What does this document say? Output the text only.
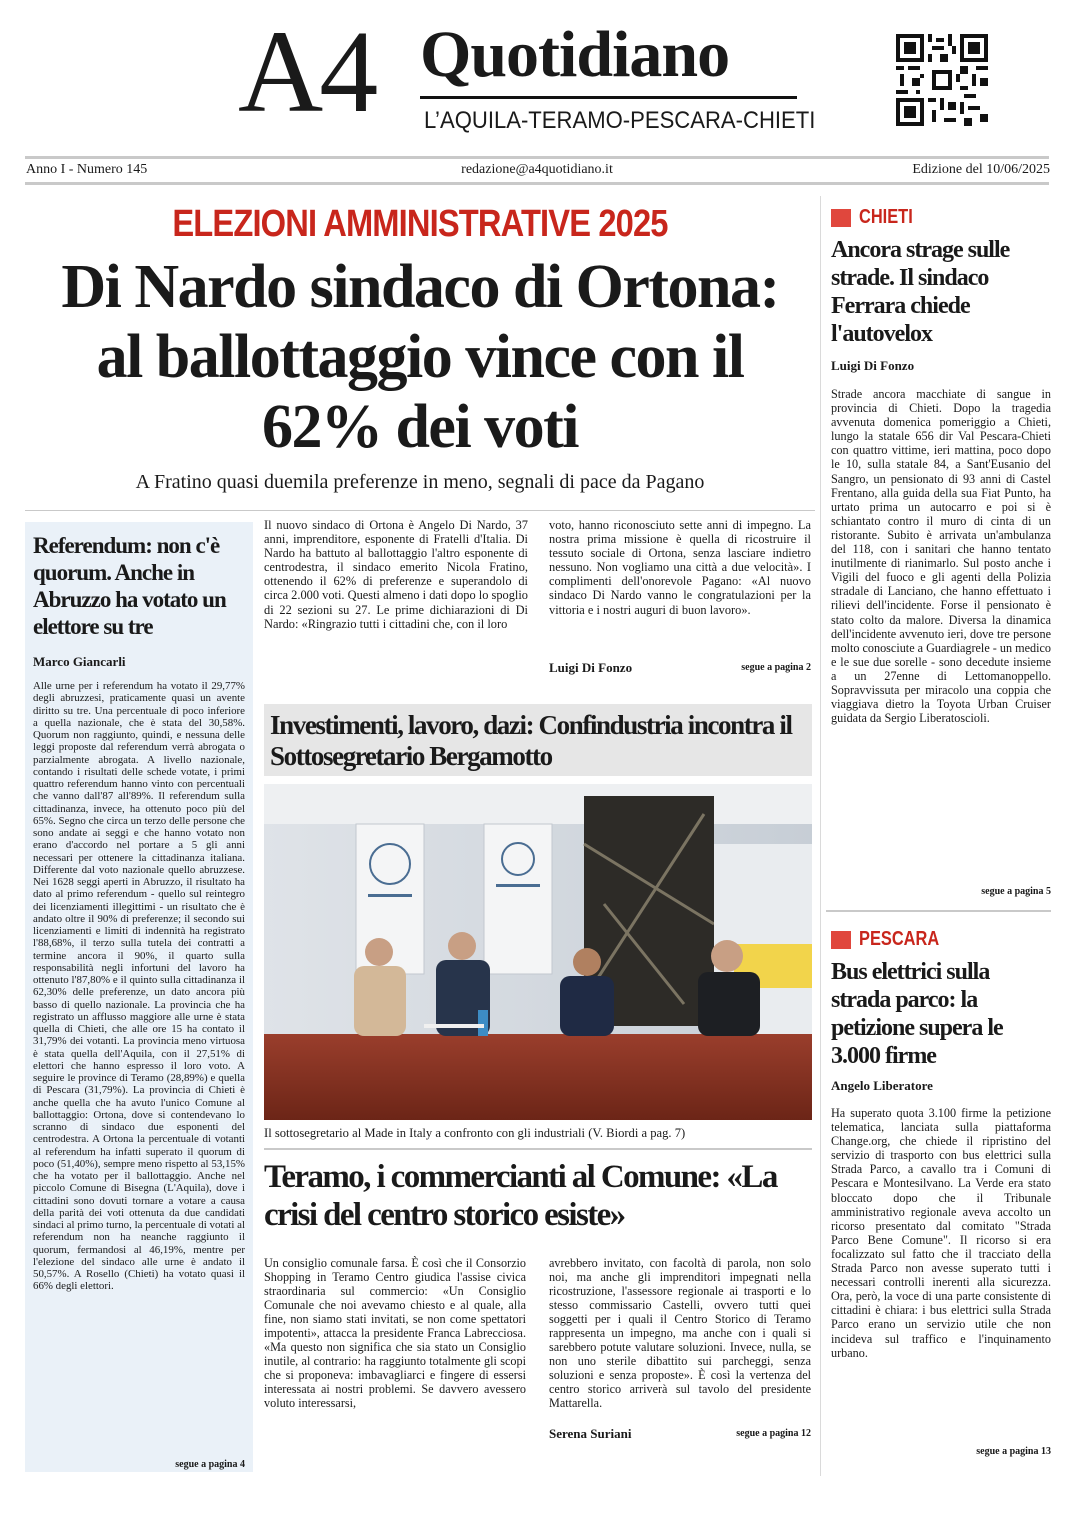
A4 Quotidiano
L’AQUILA-TERAMO-PESCARA-CHIETI
Anno I - Numero 145	redazione@a4quotidiano.it	Edizione del 10/06/2025
ELEZIONI AMMINISTRATIVE 2025
Di Nardo sindaco di Ortona: al ballottaggio vince con il 62% dei voti
A Fratino quasi duemila preferenze in meno, segnali di pace da Pagano
Il nuovo sindaco di Ortona è Angelo Di Nardo, 37 anni, imprenditore, esponente di Fratelli d'Italia. Di Nardo ha battuto al ballottaggio l'altro esponente di centrodestra, il sindaco emerito Nicola Fratino, ottenendo il 62% di preferenze e superandolo di circa 2.000 voti. Questi almeno i dati dopo lo spoglio di 22 sezioni su 27. Le prime dichiarazioni di Di Nardo: «Ringrazio tutti i cittadini che, con il loro
voto, hanno riconosciuto sette anni di impegno. La nostra prima missione è quella di ricostruire il tessuto sociale di Ortona, senza lasciare indietro nessuno. Non vogliamo una città a due velocità». I complimenti dell'onorevole Pagano: «Al nuovo sindaco Di Nardo vanno le congratulazioni per la vittoria e i nostri auguri di buon lavoro».
Luigi Di Fonzo	segue a pagina 2
Referendum: non c'è quorum. Anche in Abruzzo ha votato un elettore su tre
Marco Giancarli
Alle urne per i referendum ha votato il 29,77% degli abruzzesi, praticamente quasi un avente diritto su tre. Una percentuale di poco inferiore a quella nazionale, che è stata del 30,58%. Quorum non raggiunto, quindi, e nessuna delle leggi proposte dal referendum verrà abrogata o parzialmente abrogata. A livello nazionale, contando i risultati delle schede votate, i primi quattro referendum hanno vinto con percentuali che vanno dall'87 all'89%. Il referendum sulla cittadinanza, invece, ha ottenuto poco più del 65%. Segno che circa un terzo delle persone che sono andate ai seggi e che hanno votato non erano d'accordo nel portare a 5 gli anni necessari per ottenere la cittadinanza italiana. Differente dal voto nazionale quello abruzzese. Nei 1628 seggi aperti in Abruzzo, il risultato ha dato al primo referendum - quello sul reintegro dei licenziamenti illegittimi - un risultato che è andato oltre il 90% di preferenze; il secondo sui licenziamenti e limiti di indennità ha registrato l'88,68%, il terzo sulla tutela dei contratti a termine ancora il 90%, il quarto sulla responsabilità negli infortuni del lavoro ha ottenuto l'87,80% e il quinto sulla cittadinanza il 62,30% delle preferenze, un dato ancora più basso di quello nazionale. La provincia che ha registrato un afflusso maggiore alle urne è stata quella di Chieti, che alle ore 15 ha contato il 31,79% dei votanti. La provincia meno virtuosa è stata quella dell'Aquila, con il 27,51% di elettori che hanno espresso il loro voto. A seguire le province di Teramo (28,89%) e quella di Pescara (31,79%). La provincia di Chieti è anche quella che ha avuto l'unico Comune al ballottaggio: Ortona, dove si contendevano lo scranno di sindaco due esponenti del centrodestra. A Ortona la percentuale di votanti al referendum ha infatti superato il quorum di poco (51,40%), sempre meno rispetto al 53,15% che ha votato per il ballottaggio. Anche nel piccolo Comune di Bisegna (L'Aquila), dove i cittadini sono dovuti tornare a votare a causa della parità dei voti ottenuta da due candidati sindaci al primo turno, la percentuale di votati al referendum non ha neanche raggiunto il quorum, fermandosi al 46,19%, mentre per l'elezione del sindaco alle urne è andato il 50,57%. A Rosello (Chieti) ha votato quasi il 66% degli elettori.
segue a pagina 4
Investimenti, lavoro, dazi: Confindustria incontra il Sottosegretario Bergamotto
Il sottosegretario al Made in Italy a confronto con gli industriali (V. Biordi a pag. 7)
Teramo, i commercianti al Comune: «La crisi del centro storico esiste»
Un consiglio comunale farsa. È così che il Consorzio Shopping in Teramo Centro giudica l'assise civica straordinaria sul commercio: «Un Consiglio Comunale che noi avevamo chiesto e al quale, alla fine, non siamo stati invitati, se non come spettatori impotenti», attacca la presidente Franca Labrecciosa. «Ma questo non significa che sia stato un Consiglio inutile, al contrario: ha raggiunto totalmente gli scopi che si proponeva: imbavagliarci e fingere di essersi interessata ai nostri problemi. Se davvero avessero voluto interessarsi,
avrebbero invitato, con facoltà di parola, non solo noi, ma anche gli imprenditori impegnati nella ricostruzione, l'assessore regionale ai trasporti e lo stesso commissario Castelli, ovvero tutti quei soggetti per i quali il Centro Storico di Teramo rappresenta un impegno, ma anche con i quali si sarebbero potute valutare soluzioni. Invece, nulla, se non uno sterile dibattito sui parcheggi, senza soluzioni e senza proposte». È così la vertenza del centro storico arriverà sul tavolo del presidente Mattarella.
Serena Suriani	segue a pagina 12
CHIETI
Ancora strage sulle strade. Il sindaco Ferrara chiede l'autovelox
Luigi Di Fonzo
Strade ancora macchiate di sangue in provincia di Chieti. Dopo la tragedia avvenuta domenica pomeriggio a Chieti, lungo la statale 656 dir Val Pescara-Chieti con quattro vittime, ieri mattina, poco dopo le 10, sulla statale 84, a Sant'Eusanio del Sangro, un pensionato di 93 anni di Castel Frentano, alla guida della sua Fiat Punto, ha urtato prima un autocarro e poi si è schiantato contro il muro di cinta di un ristorante. Subito è arrivata un'ambulanza del 118, con i sanitari che hanno tentato inutilmente di rianimarlo. Sul posto anche i Vigili del fuoco e gli agenti della Polizia stradale di Lanciano, che hanno effettuato i rilievi dell'incidente. Forse il pensionato è stato colto da malore. Diversa la dinamica dell'incidente avvenuto ieri, dove tre persone molto conosciute a Guardiagrele - un medico e le sue due sorelle - sono decedute insieme a un 27enne di Lettomanoppello. Sopravvissuta per miracolo una coppia che viaggiava dietro la Toyota Urban Cruiser guidata da Sergio Liberatoscioli.
segue a pagina 5
PESCARA
Bus elettrici sulla strada parco: la petizione supera le 3.000 firme
Angelo Liberatore
Ha superato quota 3.100 firme la petizione telematica, lanciata sulla piattaforma Change.org, che chiede il ripristino del servizio di trasporto con bus elettrici sulla Strada Parco, a cavallo tra i Comuni di Pescara e Montesilvano. La Verde era stato bloccato dopo che il Tribunale amministrativo regionale aveva accolto un ricorso presentato dal comitato "Strada Parco Bene Comune". Il ricorso si era focalizzato sul fatto che il tracciato della Strada Parco non avesse superato tutti i necessari controlli inerenti alla sicurezza. Ora, però, la voce di una parte consistente di cittadini è chiara: i bus elettrici sulla Strada Parco erano un servizio utile che non incideva sul traffico e l'inquinamento urbano.
segue a pagina 13
